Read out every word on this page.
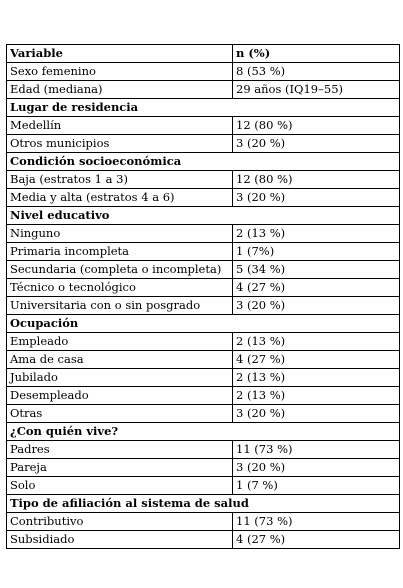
Variable	n (%)
Sexo femenino	8 (53 %)
Edad (mediana)	29 años (IQ19–55)
Lugar de residencia	
Medellín	12 (80 %)
Otros municipios	3 (20 %)
Condición socioeconómica	
Baja (estratos 1 a 3)	12 (80 %)
Media y alta (estratos 4 a 6)	3 (20 %)
Nivel educativo	
Ninguno	2 (13 %)
Primaria incompleta	1 (7%)
Secundaria (completa o incompleta)	5 (34 %)
Técnico o tecnológico	4 (27 %)
Universitaria con o sin posgrado	3 (20 %)
Ocupación	
Empleado	2 (13 %)
Ama de casa	4 (27 %)
Jubilado	2 (13 %)
Desempleado	2 (13 %)
Otras	3 (20 %)
¿Con quién vive?	
Padres	11 (73 %)
Pareja	3 (20 %)
Solo	1 (7 %)
Tipo de afiliación al sistema de salud	
Contributivo	11 (73 %)
Subsidiado	4 (27 %)
